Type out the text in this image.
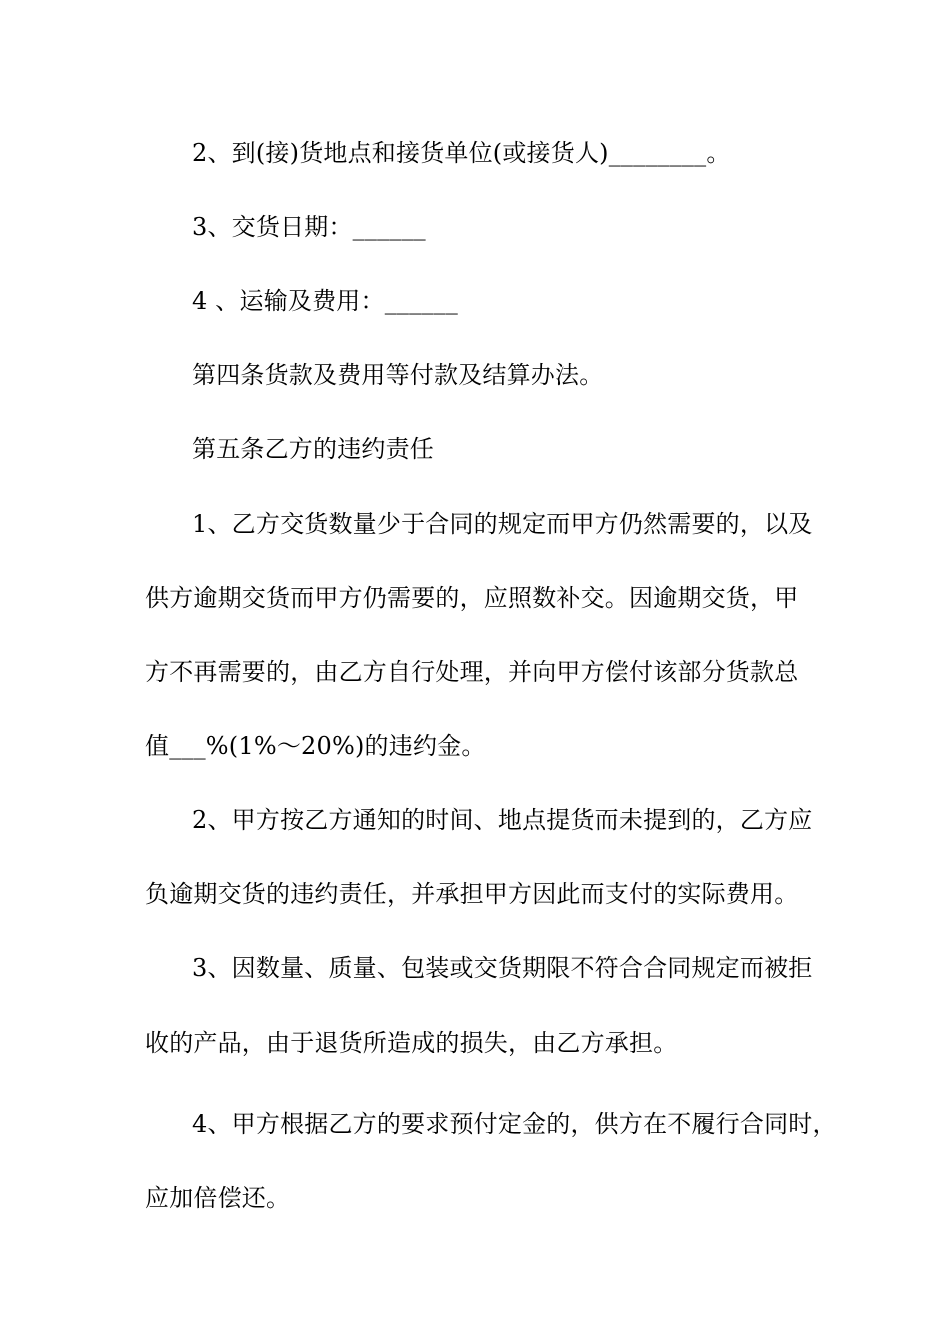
2、到(接)货地点和接货单位(或接货人)________。
3、交货日期：______
4 、运输及费用：______
第四条货款及费用等付款及结算办法。
第五条乙方的违约责任
1、乙方交货数量少于合同的规定而甲方仍然需要的，以及
供方逾期交货而甲方仍需要的，应照数补交。因逾期交货，甲
方不再需要的，由乙方自行处理，并向甲方偿付该部分货款总
值___%(1%～20%)的违约金。
2、甲方按乙方通知的时间、地点提货而未提到的，乙方应
负逾期交货的违约责任，并承担甲方因此而支付的实际费用。
3、因数量、质量、包装或交货期限不符合合同规定而被拒
收的产品，由于退货所造成的损失，由乙方承担。
4、甲方根据乙方的要求预付定金的，供方在不履行合同时，
应加倍偿还。
